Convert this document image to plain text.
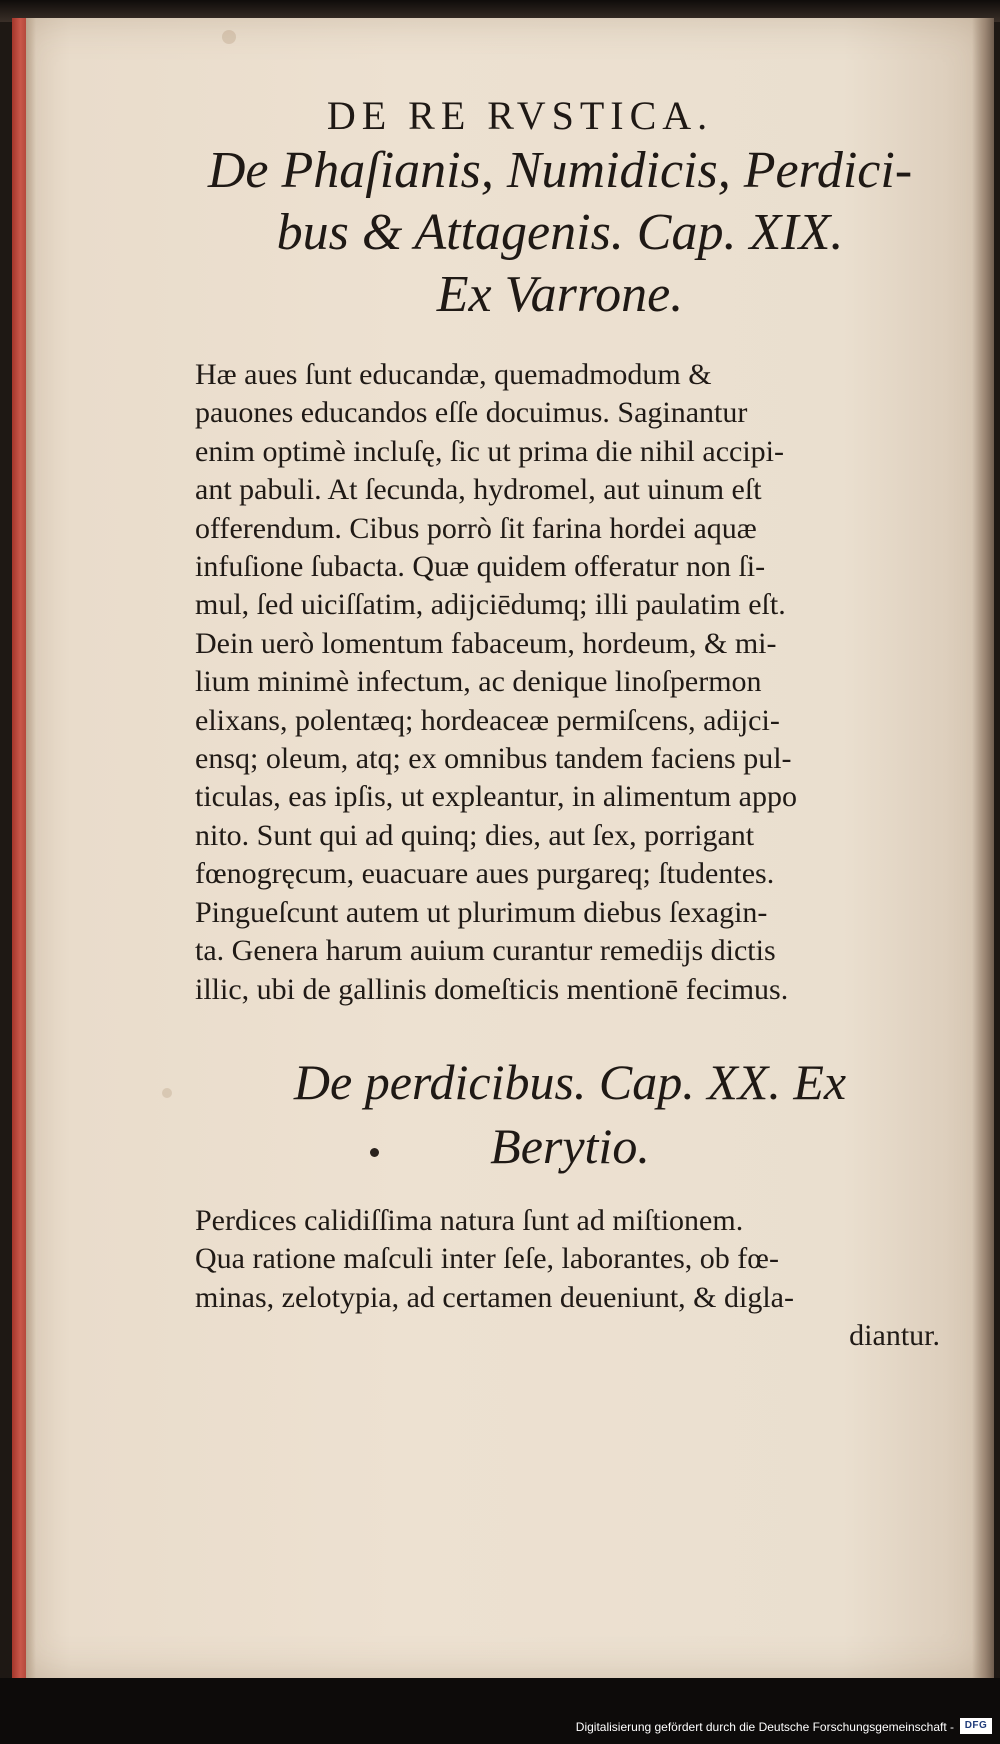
DE RE RVSTICA.
De Phaſianis, Numidicis, Perdici-
bus & Attagenis. Cap. XIX.
Ex Varrone.
Hæ aues ſunt educandæ, quemadmodum &
pauones educandos eſſe docuimus. Saginantur
enim optimè incluſę, ſic ut prima die nihil accipi-
ant pabuli. At ſecunda, hydromel, aut uinum eſt
offerendum. Cibus porrò ſit farina hordei aquæ
infuſione ſubacta. Quæ quidem offeratur non ſi-
mul, ſed uiciſſatim, adijciēdumq; illi paulatim eſt.
Dein uerò lomentum fabaceum, hordeum, & mi-
lium minimè infectum, ac denique linoſpermon
elixans, polentæq; hordeaceæ permiſcens, adijci-
ensq; oleum, atq; ex omnibus tandem faciens pul-
ticulas, eas ipſis, ut expleantur, in alimentum appo
nito. Sunt qui ad quinq; dies, aut ſex, porrigant
fœnogręcum, euacuare aues purgareq; ſtudentes.
Pingueſcunt autem ut plurimum diebus ſexagin-
ta. Genera harum auium curantur remedijs dictis
illic, ubi de gallinis domeſticis mentionē fecimus.
De perdicibus. Cap. XX. Ex
Berytio.
Perdices calidiſſima natura ſunt ad miſtionem.
Qua ratione maſculi inter ſeſe, laborantes, ob fœ-
minas, zelotypia, ad certamen deueniunt, & digla-
diantur.
Digitalisierung gefördert durch die Deutsche Forschungsgemeinschaft -	DFG
